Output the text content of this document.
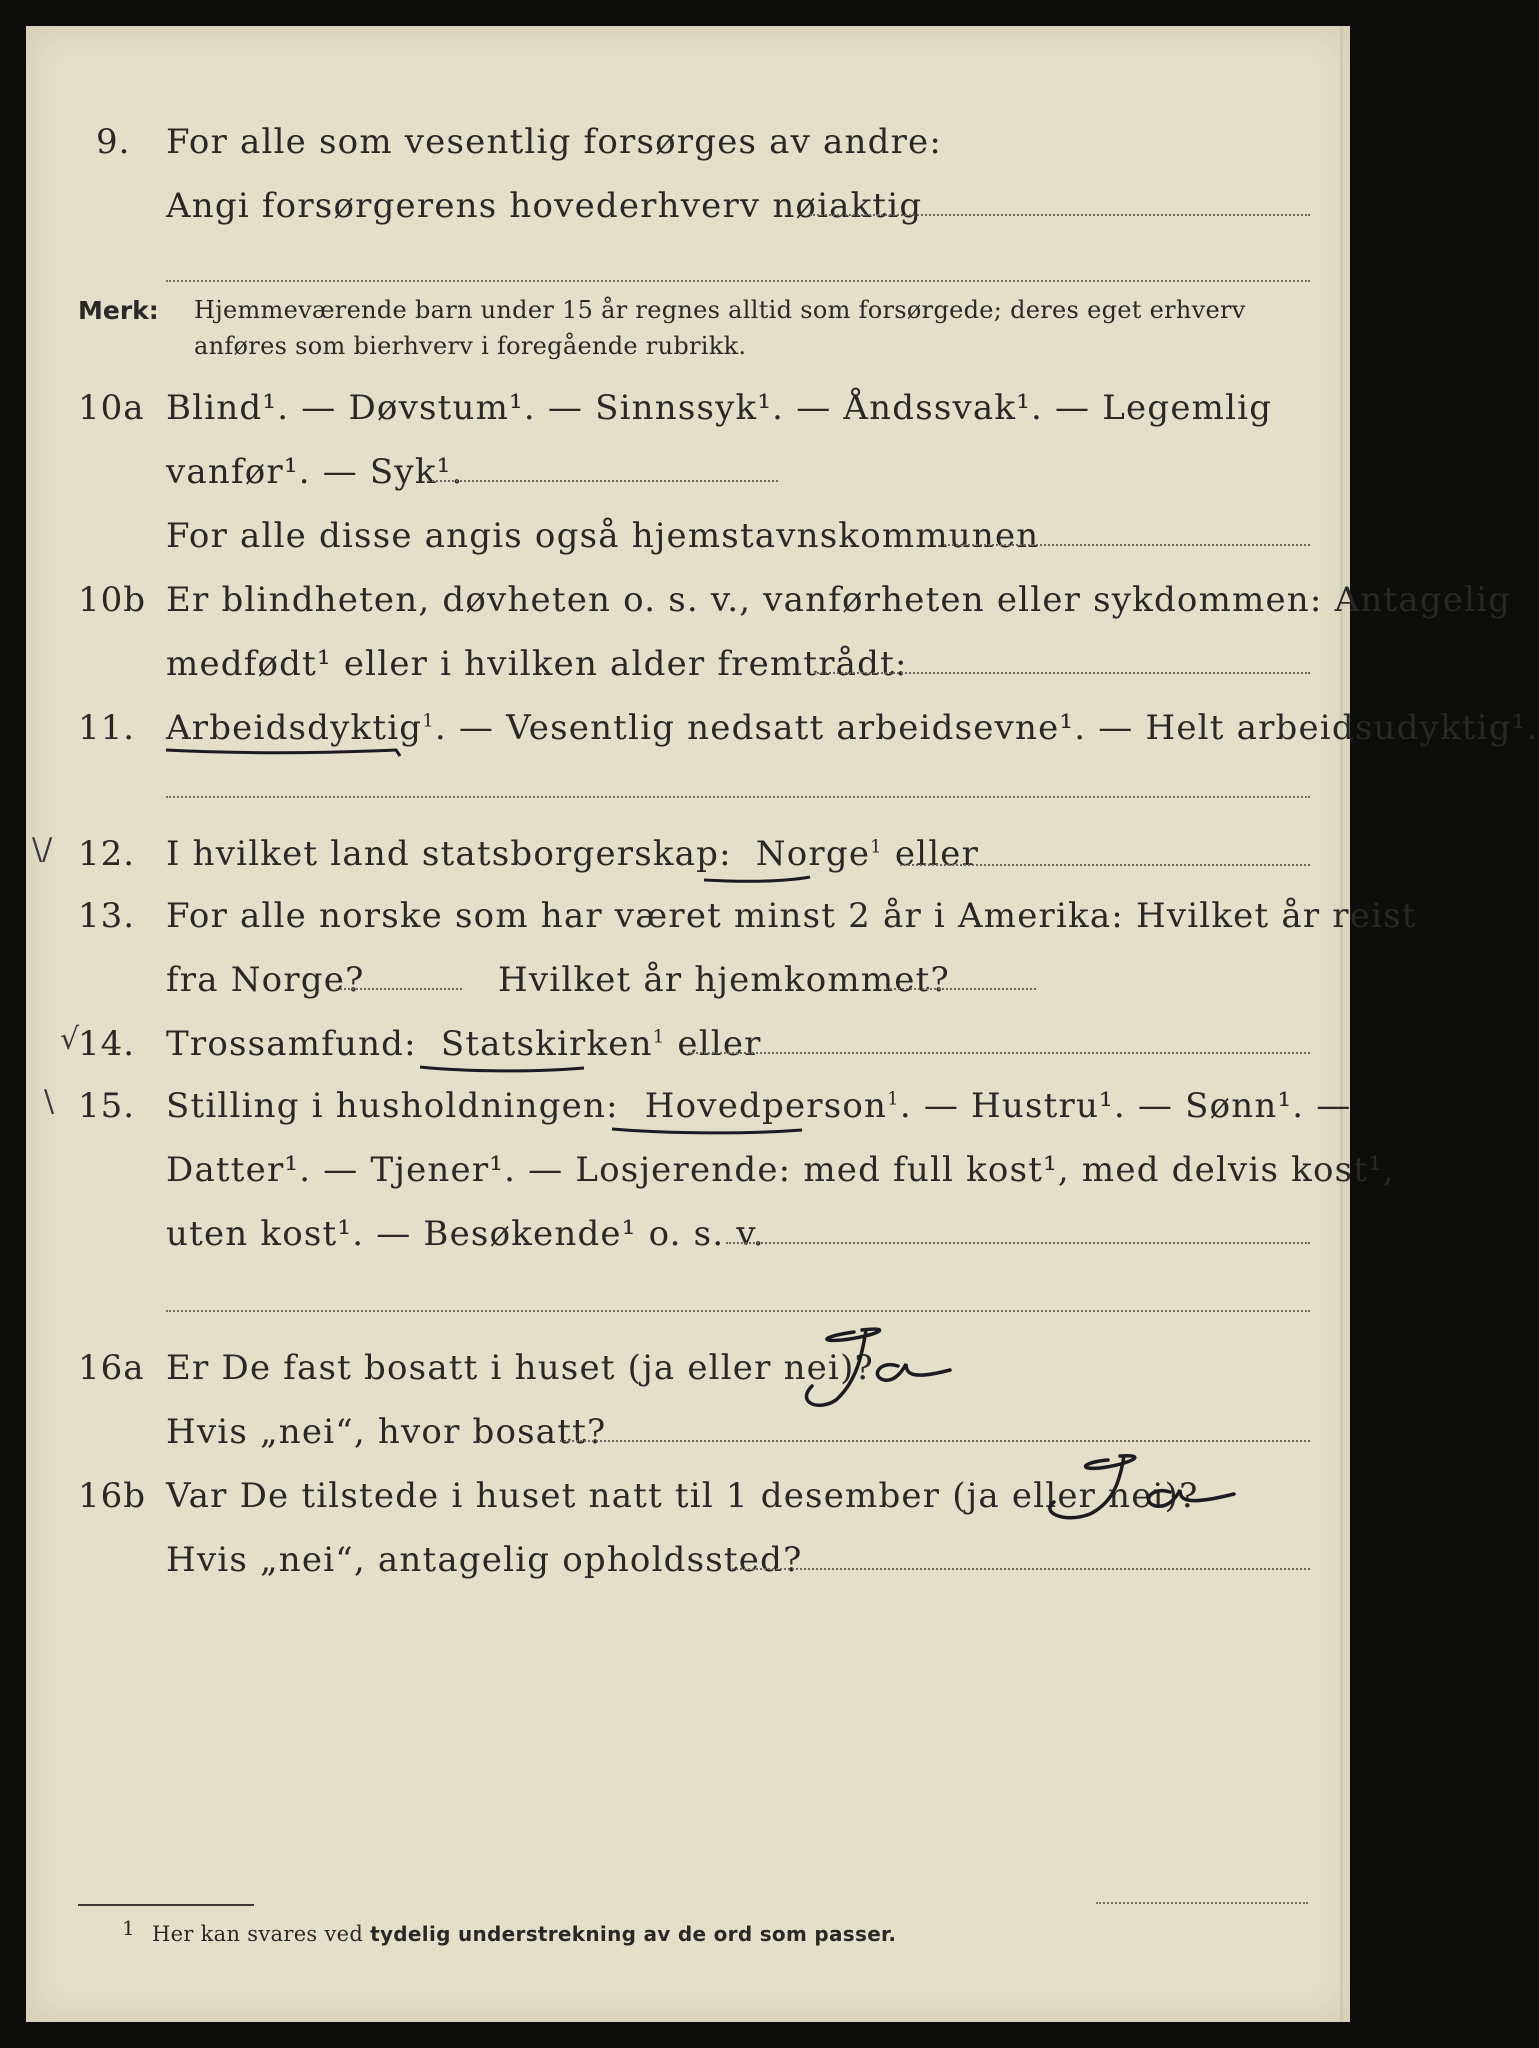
9. For alle som vesentlig forsørges av andre:
Angi forsørgerens hovederhverv nøiaktig
Merk: Hjemmeværende barn under 15 år regnes alltid som forsørgede; deres eget erhverv
anføres som bierhverv i foregående rubrikk.
10a Blind¹. — Døvstum¹. — Sinnssyk¹. — Åndssvak¹. — Legemlig
vanfør¹. — Syk¹.
For alle disse angis også hjemstavnskommunen
10b Er blindheten, døvheten o. s. v., vanførheten eller sykdommen: Antagelig
medfødt¹ eller i hvilken alder fremtrådt:
11. Arbeidsdyktig$^1$. — Vesentlig nedsatt arbeidsevne¹. — Helt arbeidsudyktig¹.
\/ 12. I hvilket land statsborgerskap: Norge$^1$ eller
13. For alle norske som har været minst 2 år i Amerika: Hvilket år reist
fra Norge?	Hvilket år hjemkommet?
√
14. Trossamfund: Statskirken$^1$ eller
\ 15. Stilling i husholdningen: Hovedperson$^1$. — Hustru¹. — Sønn¹. —
Datter¹. — Tjener¹. — Losjerende: med full kost¹, med delvis kost¹,
uten kost¹. — Besøkende¹ o. s. v.
16a Er De fast bosatt i huset (ja eller nei)?
Ja
Hvis „nei“, hvor bosatt?
16b Var De tilstede i huset natt til 1 desember (ja eller nei)?
Ja
Hvis „nei“, antagelig opholdssted?
1 Her kan svares ved tydelig understrekning av de ord som passer.
